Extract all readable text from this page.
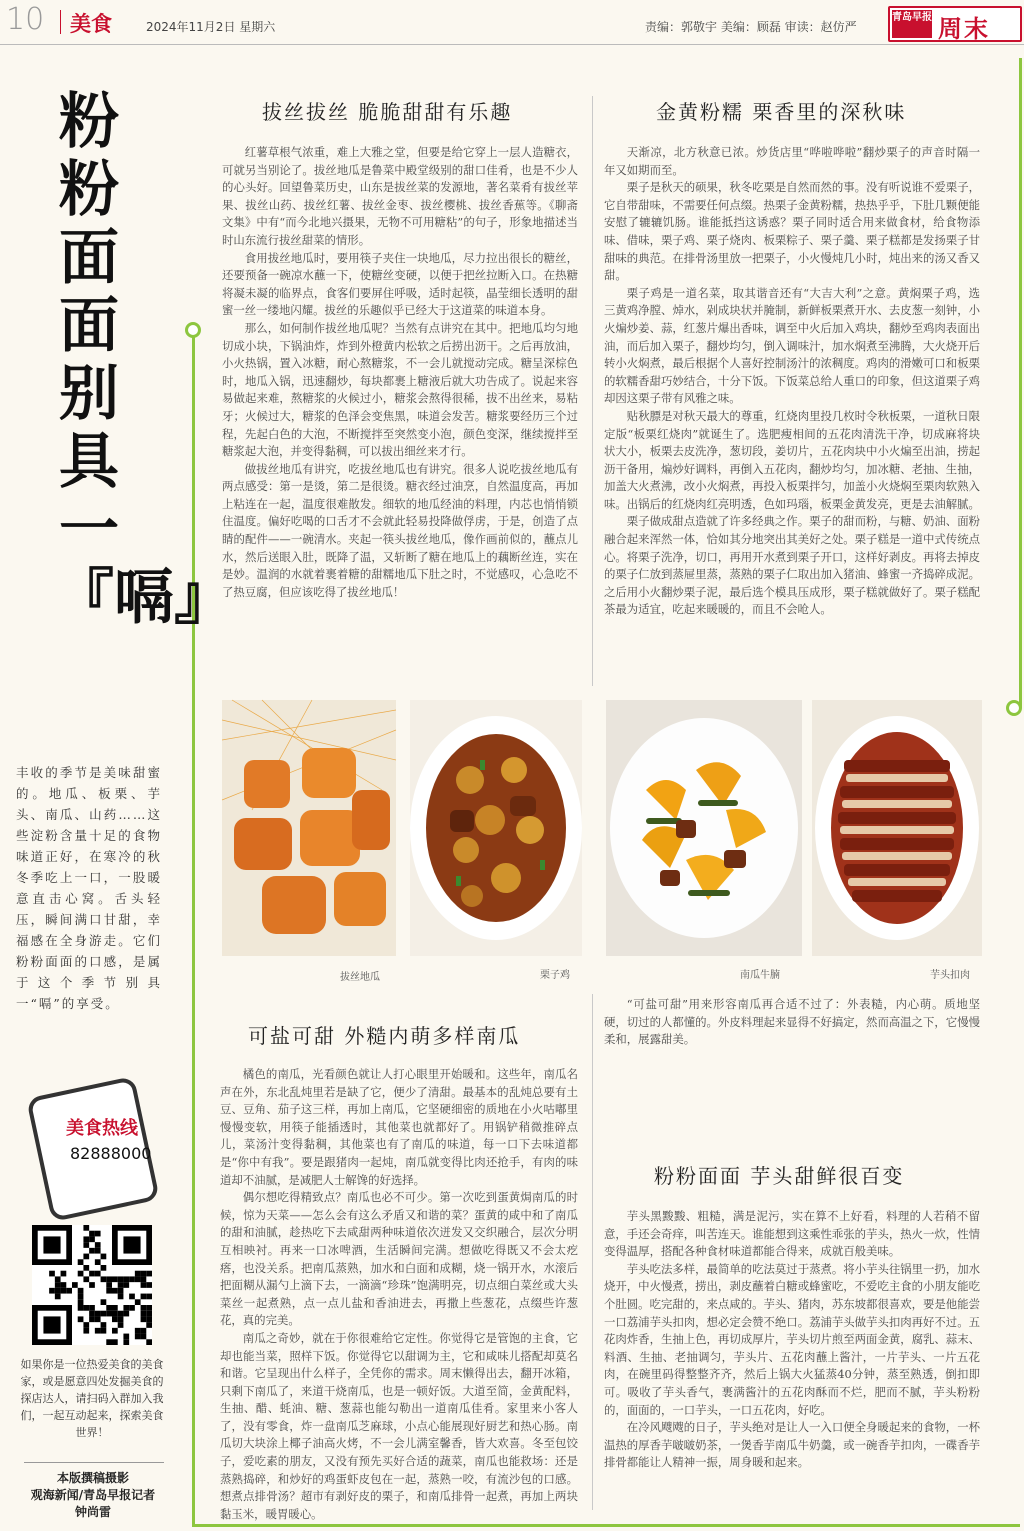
10 美食	2024年11月2日 星期六	责编：郭敬宇 美编：顾磊 审读：赵仿严
青岛早报 周末
粉粉面面 别具一『嗝』
丰收的季节是美味甜蜜的。地瓜、板栗、芋头、南瓜、山药……这些淀粉含量十足的食物味道正好，在寒冷的秋冬季吃上一口，一股暖意直击心窝。舌头轻压，瞬间满口甘甜，幸福感在全身游走。它们粉粉面面的口感，是属于这个季节别具一“嗝”的享受。
美食热线
82888000
如果你是一位热爱美食的美食家，或是愿意四处发掘美食的探店达人，请扫码入群加入我们，一起互动起来，探索美食世界！
本版撰稿摄影
观海新闻/青岛早报记者
钟尚雷
拔丝拔丝 脆脆甜甜有乐趣

红薯草根气浓重，难上大雅之堂，但要是给它穿上一层人造糖衣，可就另当别论了。拔丝地瓜是鲁菜中殿堂级别的甜口佳肴，也是不少人的心头好。回望鲁菜历史，山东是拔丝菜的发源地，著名菜肴有拔丝苹果、拔丝山药、拔丝红薯、拔丝金枣、拔丝樱桃、拔丝香蕉等。《聊斋文集》中有“而今北地兴摄果，无物不可用糖粘”的句子，形象地描述当时山东流行拔丝甜菜的情形。

食用拔丝地瓜时，要用筷子夹住一块地瓜，尽力拉出很长的糖丝，还要预备一碗凉水蘸一下，使糖丝变硬，以便于把丝拉断入口。在热糖将凝未凝的临界点，食客们要屏住呼吸，适时起筷，晶莹细长透明的甜蜜一丝一缕地闪耀。拔丝的乐趣似乎已经大于这道菜的味道本身。

那么，如何制作拔丝地瓜呢？当然有点讲究在其中。把地瓜均匀地切成小块，下锅油炸，炸到外橙黄内松软之后捞出沥干。之后再放油，小火热锅，置入冰糖，耐心熬糖浆，不一会儿就搅动完成。糖呈深棕色时，地瓜入锅，迅速翻炒，每块都裹上糖液后就大功告成了。说起来容易做起来难，熬糖浆的火候过小，糖浆会熬得很稀，拔不出丝来，易粘牙；火候过大，糖浆的色泽会变焦黑，味道会发苦。糖浆要经历三个过程，先起白色的大泡，不断搅拌至突然变小泡，颜色变深，继续搅拌至糖浆起大泡，并变得黏稠，可以拔出细丝来才行。

做拔丝地瓜有讲究，吃拔丝地瓜也有讲究。很多人说吃拔丝地瓜有两点感受：第一是烫，第二是很烫。糖衣经过油烹，自然温度高，再加上粘连在一起，温度很难散发。细软的地瓜经油的料理，内芯也悄悄锁住温度。偏好吃喝的口舌才不会就此轻易投降做俘虏，于是，创造了点睛的配件——一碗清水。夹起一筷头拔丝地瓜，像作画前似的，蘸点儿水，然后送眼入肚，既降了温，又斩断了糖在地瓜上的藕断丝连，实在是妙。温润的水就着裹着糖的甜糯地瓜下肚之时，不觉感叹，心急吃不了热豆腐，但应该吃得了拔丝地瓜！

金黄粉糯 栗香里的深秋味

天渐凉，北方秋意已浓。炒货店里“哗啦哗啦”翻炒栗子的声音时隔一年又如期而至。

栗子是秋天的硕果，秋冬吃栗是自然而然的事。没有听说谁不爱栗子，它自带甜味，不需要任何点缀。热栗子金黄粉糯，热热乎乎，下肚几颗便能安慰了辘辘饥肠。谁能抵挡这诱惑？栗子同时适合用来做食材，给食物添味、借味，栗子鸡、栗子烧肉、板栗粽子、栗子羹、栗子糕都是发扬栗子甘甜味的典范。在排骨汤里放一把栗子，小火慢炖几小时，炖出来的汤又香又甜。

栗子鸡是一道名菜，取其谐音还有“大吉大利”之意。黄焖栗子鸡，选三黄鸡净膛、焯水，剁成块状并腌制，新鲜板栗煮开水、去皮葱一刻钟，小火煸炒姜、蒜，红葱片爆出香味，调至中火后加入鸡块，翻炒至鸡肉表面出油，而后加入栗子，翻炒均匀，倒入调味汁，加水焖煮至沸腾，大火烧开后转小火焖煮，最后根据个人喜好控制汤汁的浓稠度。鸡肉的滑嫩可口和板栗的软糯香甜巧妙结合，十分下饭。下饭菜总给人重口的印象，但这道栗子鸡却因这栗子带有风雅之味。

贴秋膘是对秋天最大的尊重，红烧肉里投几枚时令秋板栗，一道秋日限定版“板栗红烧肉”就诞生了。选肥瘦相间的五花肉清洗干净，切成麻将块状大小，板栗去皮洗净，葱切段，姜切片，五花肉块中小火煸至出油，捞起沥干备用，煸炒好调料，再倒入五花肉，翻炒均匀，加冰糖、老抽、生抽，加盖大火煮沸，改小火焖煮，再投入板栗拌匀，加盖小火烧焖至栗肉软熟入味。出锅后的红烧肉红亮明透，色如玛瑙，板栗金黄发亮，更是去油解腻。

栗子做成甜点造就了许多经典之作。栗子的甜而粉，与糖、奶油、面粉融合起来浑然一体，恰如其分地突出其美好之处。栗子糕是一道中式传统点心。将栗子洗净，切口，再用开水煮到栗子开口，这样好剥皮。再将去掉皮的栗子仁放到蒸屉里蒸，蒸熟的栗子仁取出加入猪油、蜂蜜一齐捣碎成泥。之后用小火翻炒栗子泥，最后选个模具压成形，栗子糕就做好了。栗子糕配茶最为适宜，吃起来暖暖的，而且不会呛人。

拔丝地瓜	栗子鸡	南瓜牛腩	芋头扣肉
可盐可甜 外糙内萌多样南瓜

橘色的南瓜，光看颜色就让人打心眼里开始暖和。这些年，南瓜名声在外，东北乱炖里若是缺了它，便少了清甜。最基本的乱炖总要有土豆、豆角、茄子这三样，再加上南瓜，它坚硬细密的质地在小火咕嘟里慢慢变软，用筷子能插透时，其他菜也就都好了。用锅铲稍微推碎点儿，菜汤汁变得黏稠，其他菜也有了南瓜的味道，每一口下去味道都是“你中有我”。要是跟猪肉一起炖，南瓜就变得比肉还抢手，有肉的味道却不油腻，是减肥人士解馋的好选择。

偶尔想吃得精致点？南瓜也必不可少。第一次吃到蛋黄焗南瓜的时候，惊为天菜——怎么会有这么矛盾又和谐的菜？蛋黄的咸中和了南瓜的甜和油腻，趁热吃下去咸甜两种味道依次迸发又交织融合，层次分明互相映衬。再来一口冰啤酒，生活瞬间完满。想做吃得既又不会太疙瘩，也没关系。把南瓜蒸熟，加水和白面和成糊，烧一锅开水，水滚后把面糊从漏勺上滴下去，一滴滴“珍珠”饱满明亮，切点细白菜丝或大头菜丝一起煮熟，点一点儿盐和香油进去，再撒上些葱花，点缀些许葱花，真的完美。

南瓜之奇妙，就在于你很难给它定性。你觉得它是管饱的主食，它却也能当菜，照样下饭。你觉得它以甜调为主，它和咸味儿搭配却莫名和谐。它呈现出什么样子，全凭你的需求。周末懒得出去，翻开冰箱，只剩下南瓜了，来道干烧南瓜，也是一顿好饭。大道至简，金黄配料，生抽、醋、蚝油、糖、葱蒜也能勾勒出一道南瓜佳肴。家里来小客人了，没有零食，炸一盘南瓜芝麻球，小点心能展现好厨艺和热心肠。南瓜切大块涂上椰子油高火烤，不一会儿满室馨香，皆大欢喜。冬至包饺子，爱吃素的朋友，又没有预先买好合适的蔬菜，南瓜也能救场：还是蒸熟捣碎，和炒好的鸡蛋虾皮包在一起，蒸熟一咬，有流沙包的口感。想煮点排骨汤？超市有剥好皮的栗子，和南瓜排骨一起煮，再加上两块黏玉米，暖胃暖心。

“可盐可甜”用来形容南瓜再合适不过了：外表糙，内心萌。质地坚硬，切过的人都懂的。外皮料理起来显得不好搞定，然而高温之下，它慢慢柔和，展露甜美。

粉粉面面 芋头甜鲜很百变

芋头黑黢黢、粗糙，满是泥污，实在算不上好看，料理的人若稍不留意，手还会奇痒，叫苦连天。谁能想到这乘性乖张的芋头，热火一炊，性情变得温厚，搭配各种食材味道都能合得来，成就百般美味。

芋头吃法多样，最简单的吃法莫过于蒸煮。将小芋头往锅里一扔，加水烧开，中火慢煮，捞出，剥皮蘸着白糖或蜂蜜吃，不爱吃主食的小朋友能吃个肚圆。吃完甜的，来点咸的。芋头、猪肉，苏东坡都很喜欢，要是他能尝一口荔浦芋头扣肉，想必定会赞不绝口。荔浦芋头做芋头扣肉再好不过。五花肉炸香，生抽上色，再切成厚片，芋头切片煎至两面金黄，腐乳、蒜末、料酒、生抽、老抽调匀，芋头片、五花肉蘸上酱汁，一片芋头、一片五花肉，在碗里码得整整齐齐，然后上锅大火猛蒸40分钟，蒸至熟透，倒扣即可。吸收了芋头香气，裹满酱汁的五花肉酥而不烂，肥而不腻，芋头粉粉的，面面的，一口芋头，一口五花肉，好吃。

在冷风飕飕的日子，芋头绝对是让人一入口便全身暖起来的食物，一杯温热的厚香芋啵啵奶茶，一煲香芋南瓜牛奶羹，或一碗香芋扣肉，一碟香芋排骨都能让人精神一振，周身暖和起来。
